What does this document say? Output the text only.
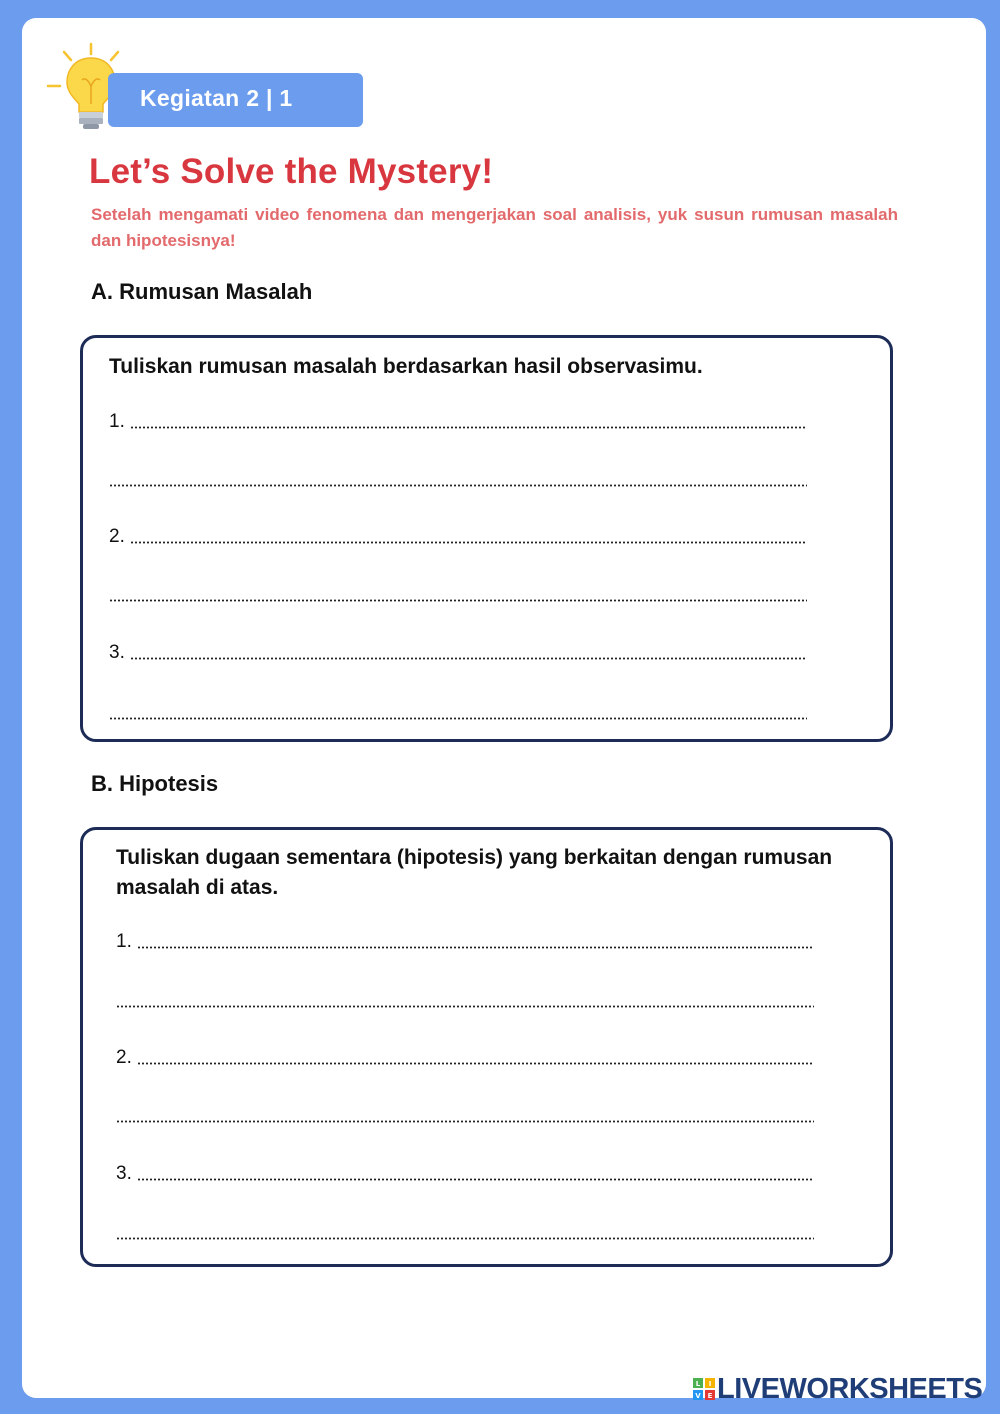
Kegiatan 2 | 1
Let’s Solve the Mystery!
Setelah mengamati video fenomena dan mengerjakan soal analisis, yuk susun rumusan masalah dan hipotesisnya!
A. Rumusan Masalah
Tuliskan rumusan masalah berdasarkan hasil observasimu.
1.
2.
3.
B. Hipotesis
Tuliskan dugaan sementara (hipotesis) yang berkaitan dengan rumusan masalah di atas.
1.
2.
3.
L I
V E LIVEWORKSHEETS
